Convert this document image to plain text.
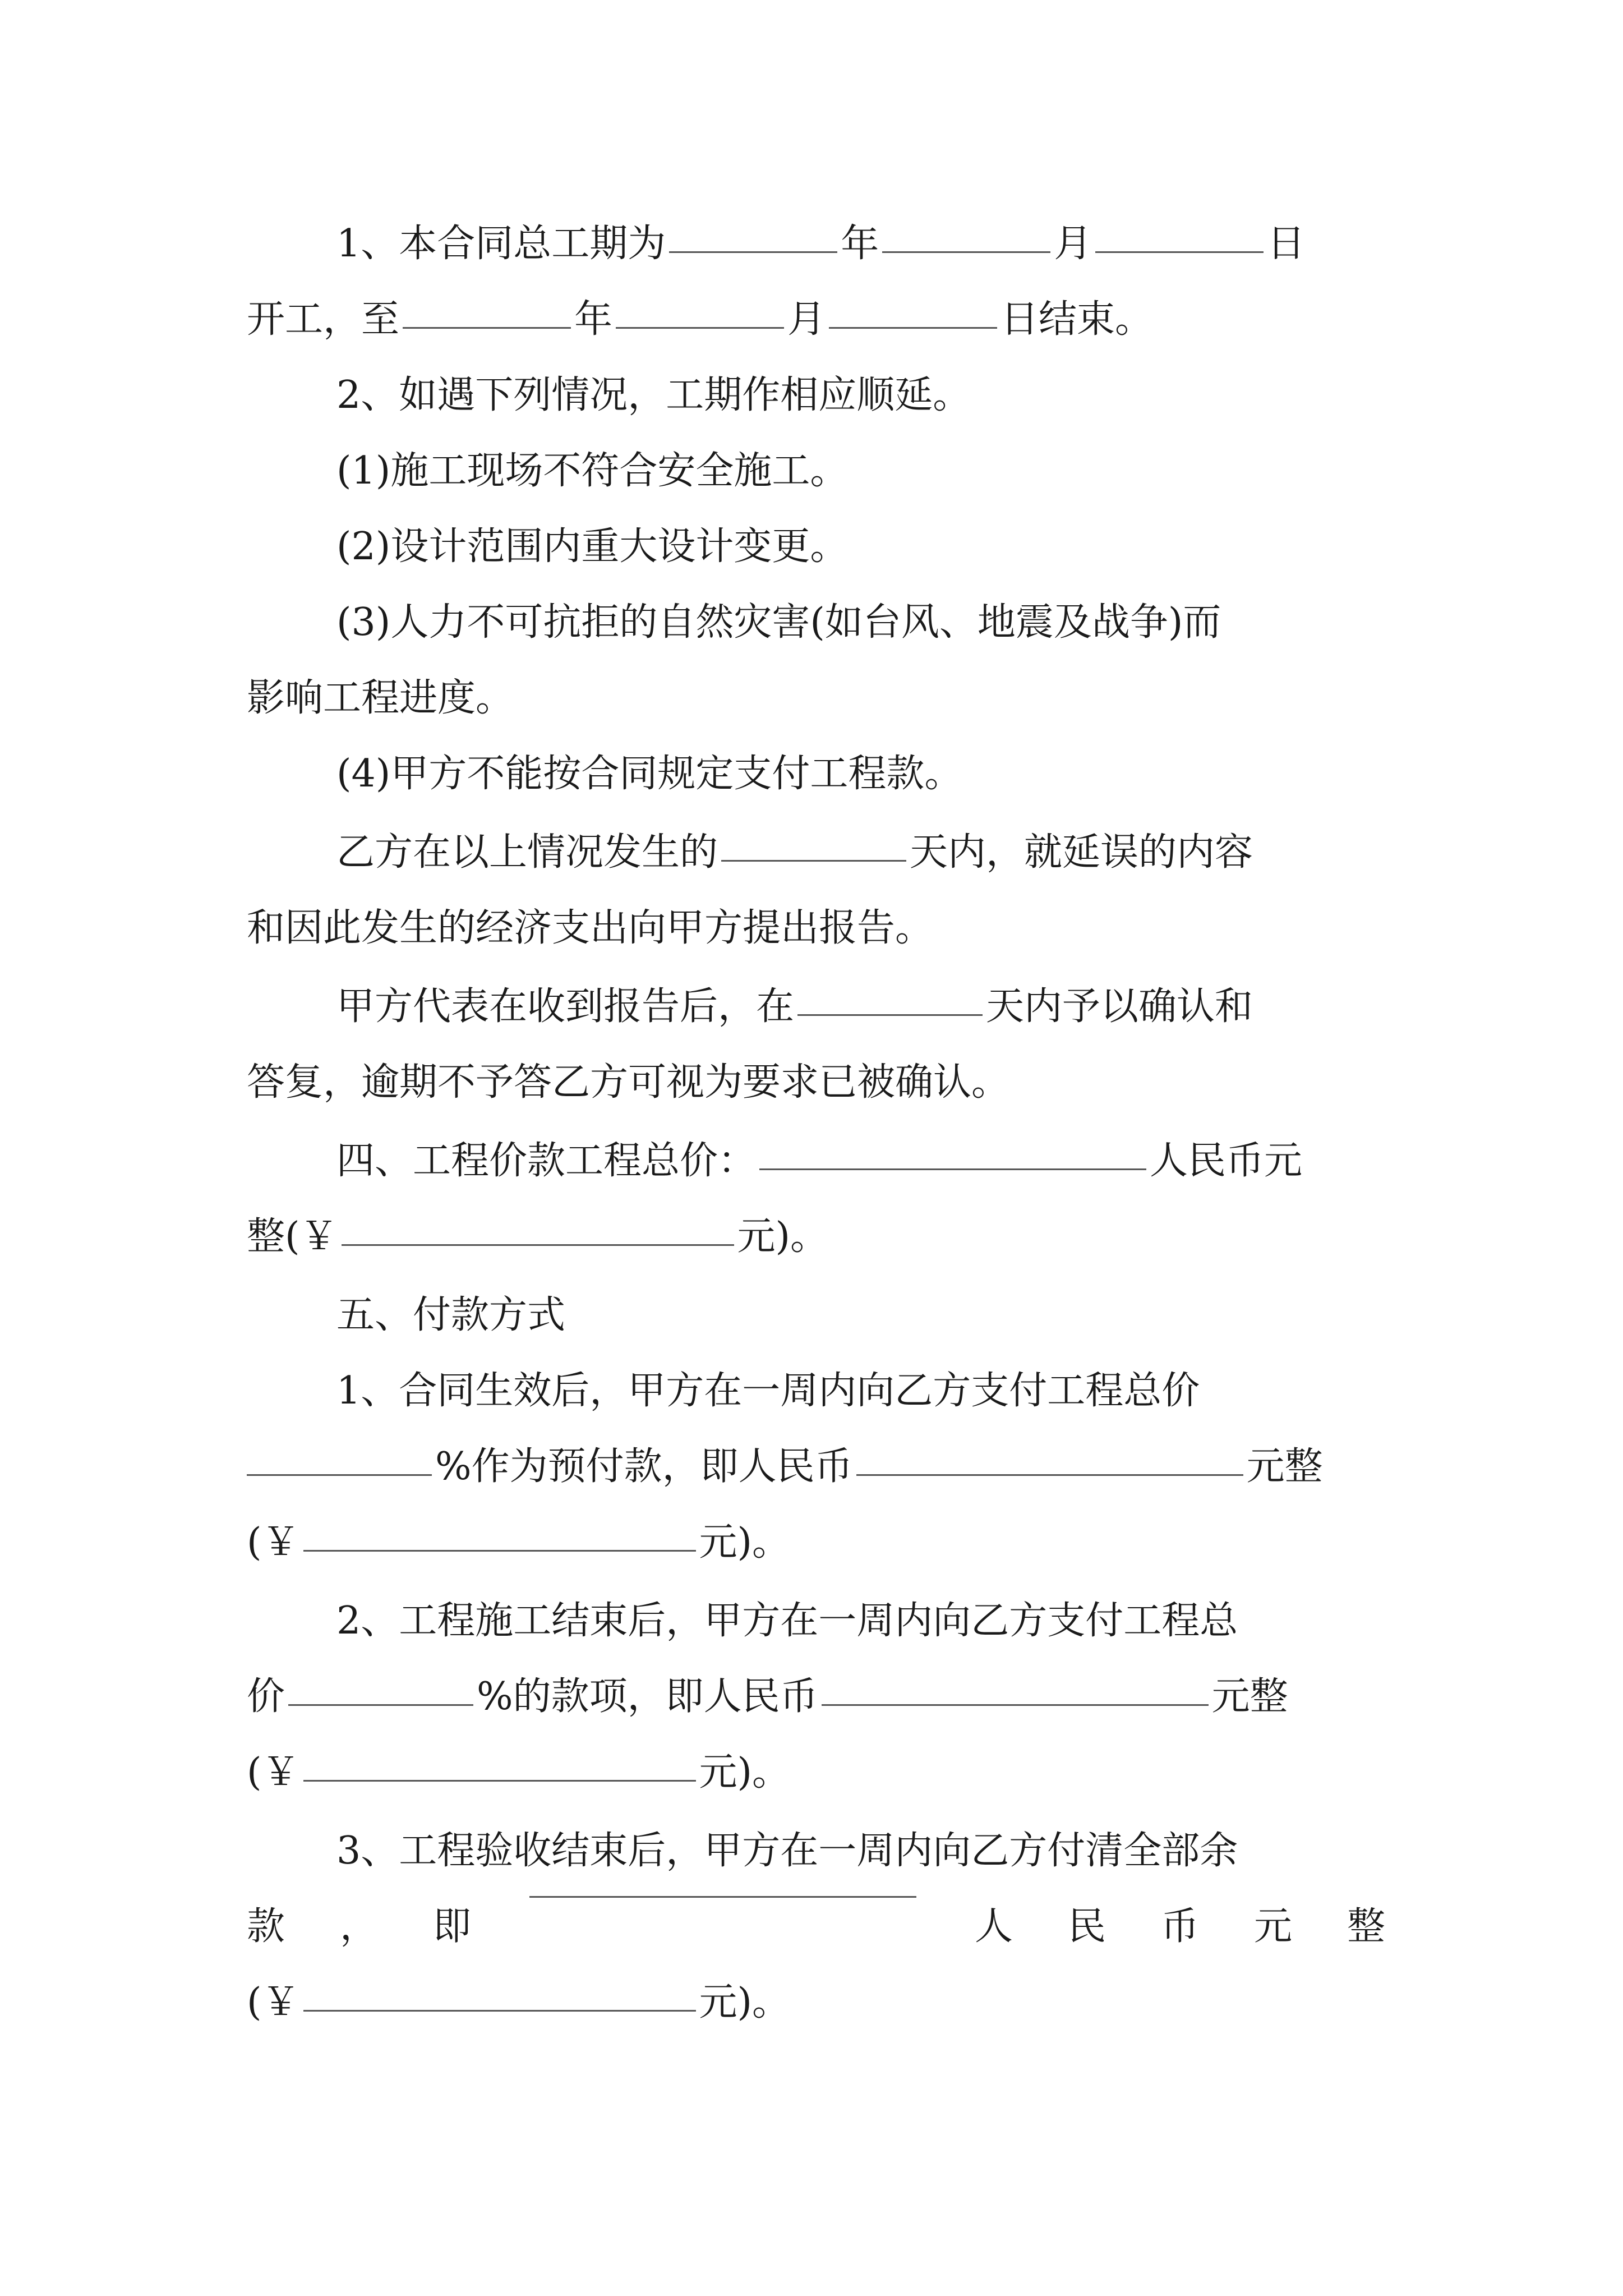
1、本合同总工期为	年	月	日
开工，至	年	月	日结束。
2、如遇下列情况，工期作相应顺延。
(1)施工现场不符合安全施工。
(2)设计范围内重大设计变更。
(3)人力不可抗拒的自然灾害(如台风、地震及战争)而
影响工程进度。
(4)甲方不能按合同规定支付工程款。
乙方在以上情况发生的	天内，就延误的内容
和因此发生的经济支出向甲方提出报告。
甲方代表在收到报告后，在	天内予以确认和
答复，逾期不予答乙方可视为要求已被确认。
四、工程价款工程总价：	人民币元
整(￥	元)。
五、付款方式
1、合同生效后，甲方在一周内向乙方支付工程总价
%作为预付款，即人民币	元整
(￥	元)。
2、工程施工结束后，甲方在一周内向乙方支付工程总
价	%的款项，即人民币	元整
(￥	元)。
3、工程验收结束后，甲方在一周内向乙方付清全部余
款 ， 即	人 民 币 元 整
(￥	元)。
